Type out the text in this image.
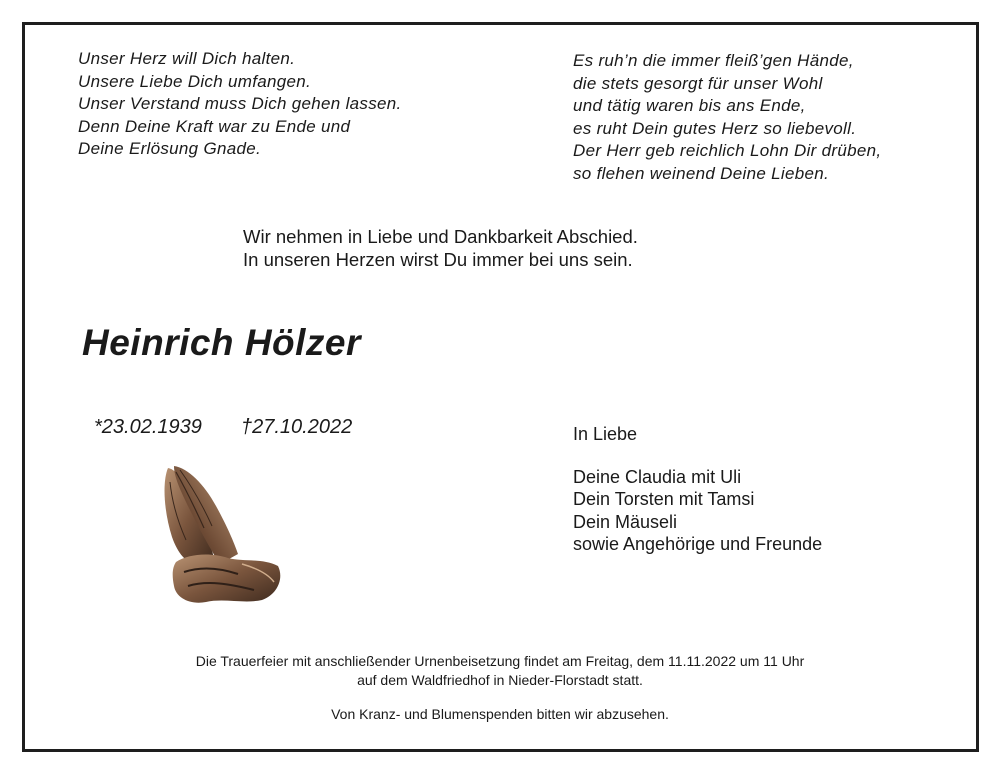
Unser Herz will Dich halten.
Unsere Liebe Dich umfangen.
Unser Verstand muss Dich gehen lassen.
Denn Deine Kraft war zu Ende und
Deine Erlösung Gnade.
Es ruh’n die immer fleiß’gen Hände,
die stets gesorgt für unser Wohl
und tätig waren bis ans Ende,
es ruht Dein gutes Herz so liebevoll.
Der Herr geb reichlich Lohn Dir drüben,
so flehen weinend Deine Lieben.
Wir nehmen in Liebe und Dankbarkeit Abschied.
In unseren Herzen wirst Du immer bei uns sein.
Heinrich Hölzer
*23.02.1939 †27.10.2022	In Liebe
Deine Claudia mit Uli
Dein Torsten mit Tamsi
Dein Mäuseli
sowie Angehörige und Freunde
Die Trauerfeier mit anschließender Urnenbeisetzung findet am Freitag, dem 11.11.2022 um 11 Uhr
auf dem Waldfriedhof in Nieder-Florstadt statt.
Von Kranz- und Blumenspenden bitten wir abzusehen.
